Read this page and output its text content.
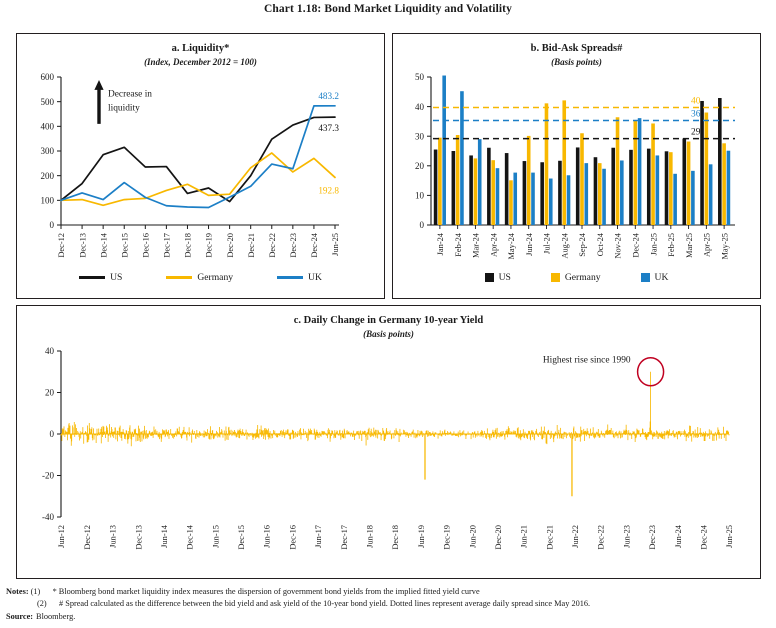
Chart 1.18: Bond Market Liquidity and Volatility
a. Liquidity*
(Index, December 2012 = 100)
0
100
200
300
400
500
600
Dec-12 Dec-13 Dec-14 Dec-15 Dec-16 Dec-17 Dec-18 Dec-19 Dec-20 Dec-21 Dec-22 Dec-23 Dec-24 Jun-25
Decrease in
liquidity
437.3
192.8
483.2
US	Germany	UK
b. Bid-Ask Spreads#
(Basis points)
0
10
20
30
40
50
Jan-24 Feb-24 Mar-24 Apr-24 May-24 Jun-24 Jul-24 Aug-24 Sep-24 Oct-24 Nov-24 Dec-24 Jan-25 Feb-25 Mar-25 Apr-25 May-25
40
36
29
US	Germany	UK
c. Daily Change in Germany 10-year Yield
(Basis points)
-40
-20
0
20
40
Jun-12 Dec-12 Jun-13 Dec-13 Jun-14 Dec-14 Jun-15 Dec-15 Jun-16 Dec-16 Jun-17 Dec-17 Jun-18 Dec-18 Jun-19 Dec-19 Jun-20 Dec-20 Jun-21 Dec-21 Jun-22 Dec-22 Jun-23 Dec-23 Jun-24 Dec-24 Jun-25
Highest rise since 1990
Notes: (1)	* Bloomberg bond market liquidity index measures the dispersion of government bond yields from the implied fitted yield curve
(2)	# Spread calculated as the difference between the bid yield and ask yield of the 10-year bond yield. Dotted lines represent average daily spread since May 2016.
Source: Bloomberg.
